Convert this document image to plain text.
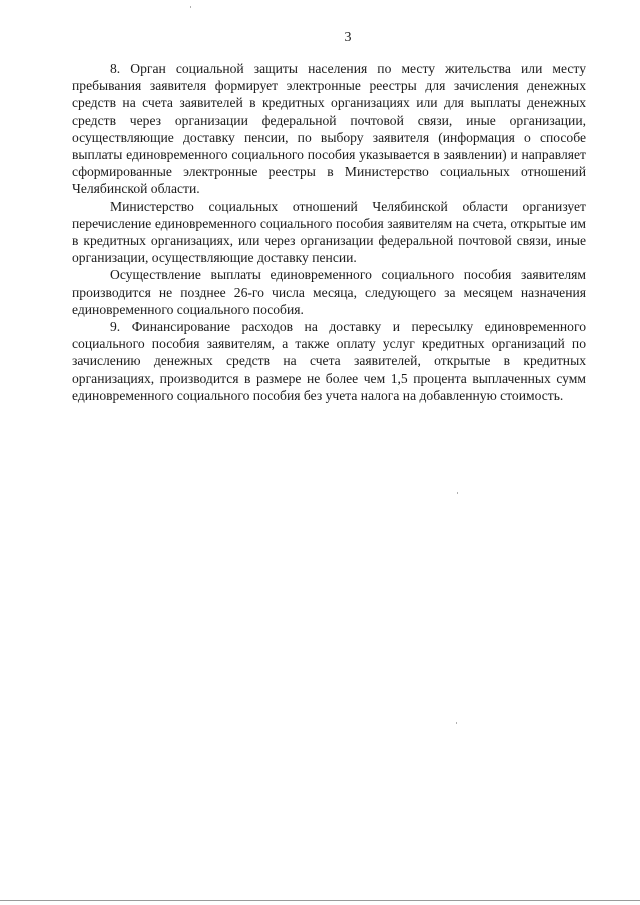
3

8. Орган социальной защиты населения по месту жительства или месту пребывания заявителя формирует электронные реестры для зачисления денежных средств на счета заявителей в кредитных организациях или для выплаты денежных средств через организации федеральной почтовой связи, иные организации, осуществляющие доставку пенсии, по выбору заявителя (информация о способе выплаты единовременного социального пособия указывается в заявлении) и направляет сформированные электронные реестры в Министерство социальных отношений Челябинской области.

Министерство социальных отношений Челябинской области организует перечисление единовременного социального пособия заявителям на счета, открытые им в кредитных организациях, или через организации федеральной почтовой связи, иные организации, осуществляющие доставку пенсии.

Осуществление выплаты единовременного социального пособия заявителям производится не позднее 26-го числа месяца, следующего за месяцем назначения единовременного социального пособия.

9. Финансирование расходов на доставку и пересылку единовременного социального пособия заявителям, а также оплату услуг кредитных организаций по зачислению денежных средств на счета заявителей, открытые в кредитных организациях, производится в размере не более чем 1,5 процента выплаченных сумм единовременного социального пособия без учета налога на добавленную стоимость.
